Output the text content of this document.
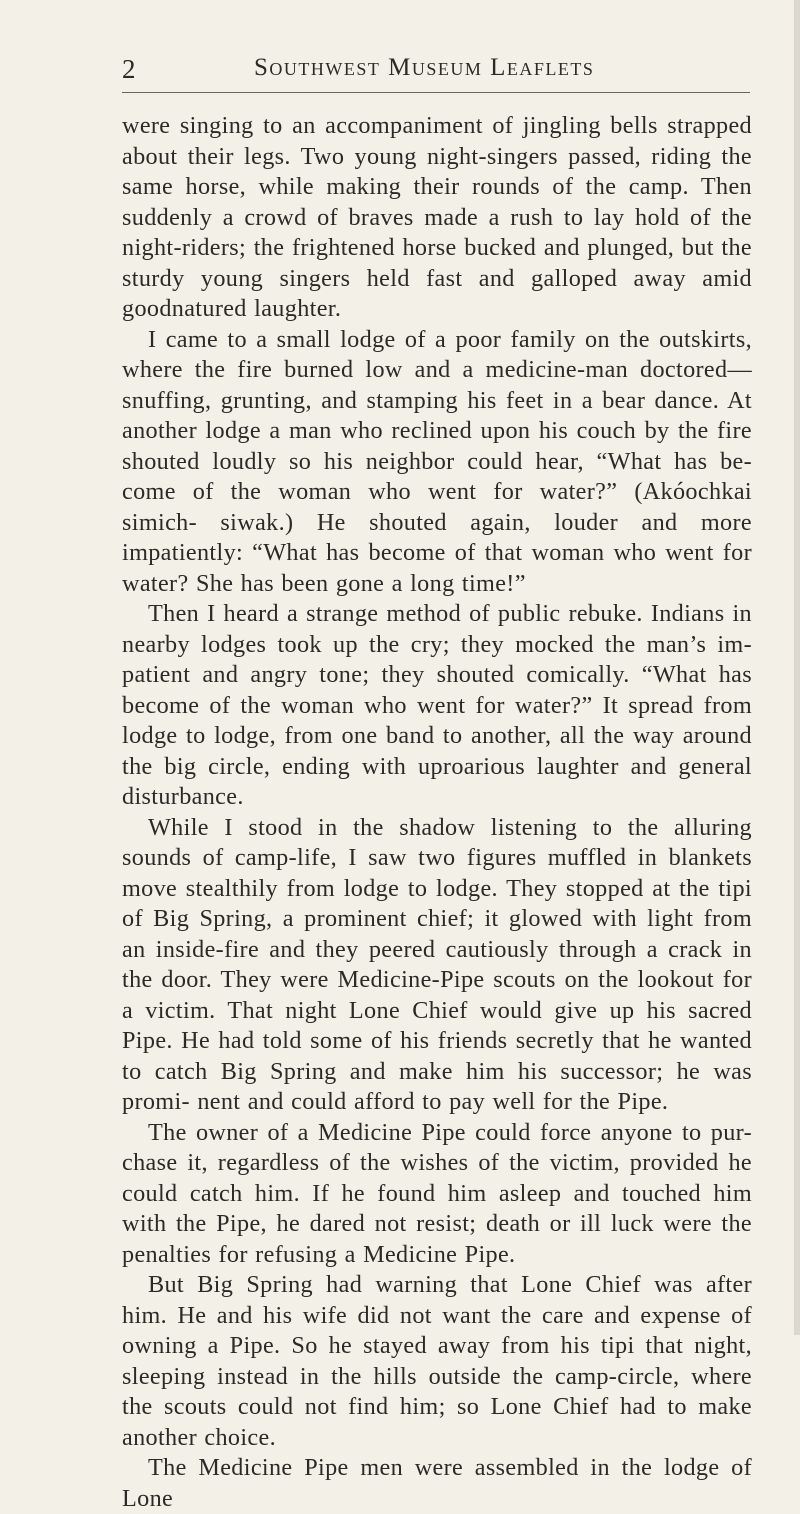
2	Southwest Museum Leaflets

were singing to an accompaniment of jingling bells strapped about their legs. Two young night-singers passed, riding the same horse, while making their rounds of the camp. Then suddenly a crowd of braves made a rush to lay hold of the night-riders; the frightened horse bucked and plunged, but the sturdy young singers held fast and galloped away amid goodnatured laughter.

I came to a small lodge of a poor family on the outskirts, where the fire burned low and a medicine-man doctored— snuffing, grunting, and stamping his feet in a bear dance. At another lodge a man who reclined upon his couch by the fire shouted loudly so his neighbor could hear, “What has be- come of the woman who went for water?” (Akóochkai simich- siwak.) He shouted again, louder and more impatiently: “What has become of that woman who went for water? She has been gone a long time!”

Then I heard a strange method of public rebuke. Indians in nearby lodges took up the cry; they mocked the man’s im- patient and angry tone; they shouted comically. “What has become of the woman who went for water?” It spread from lodge to lodge, from one band to another, all the way around the big circle, ending with uproarious laughter and general disturbance.

While I stood in the shadow listening to the alluring sounds of camp-life, I saw two figures muffled in blankets move stealthily from lodge to lodge. They stopped at the tipi of Big Spring, a prominent chief; it glowed with light from an inside-fire and they peered cautiously through a crack in the door. They were Medicine-Pipe scouts on the lookout for a victim. That night Lone Chief would give up his sacred Pipe. He had told some of his friends secretly that he wanted to catch Big Spring and make him his successor; he was promi- nent and could afford to pay well for the Pipe.

The owner of a Medicine Pipe could force anyone to pur- chase it, regardless of the wishes of the victim, provided he could catch him. If he found him asleep and touched him with the Pipe, he dared not resist; death or ill luck were the penalties for refusing a Medicine Pipe.

But Big Spring had warning that Lone Chief was after him. He and his wife did not want the care and expense of owning a Pipe. So he stayed away from his tipi that night, sleeping instead in the hills outside the camp-circle, where the scouts could not find him; so Lone Chief had to make another choice.

The Medicine Pipe men were assembled in the lodge of Lone
